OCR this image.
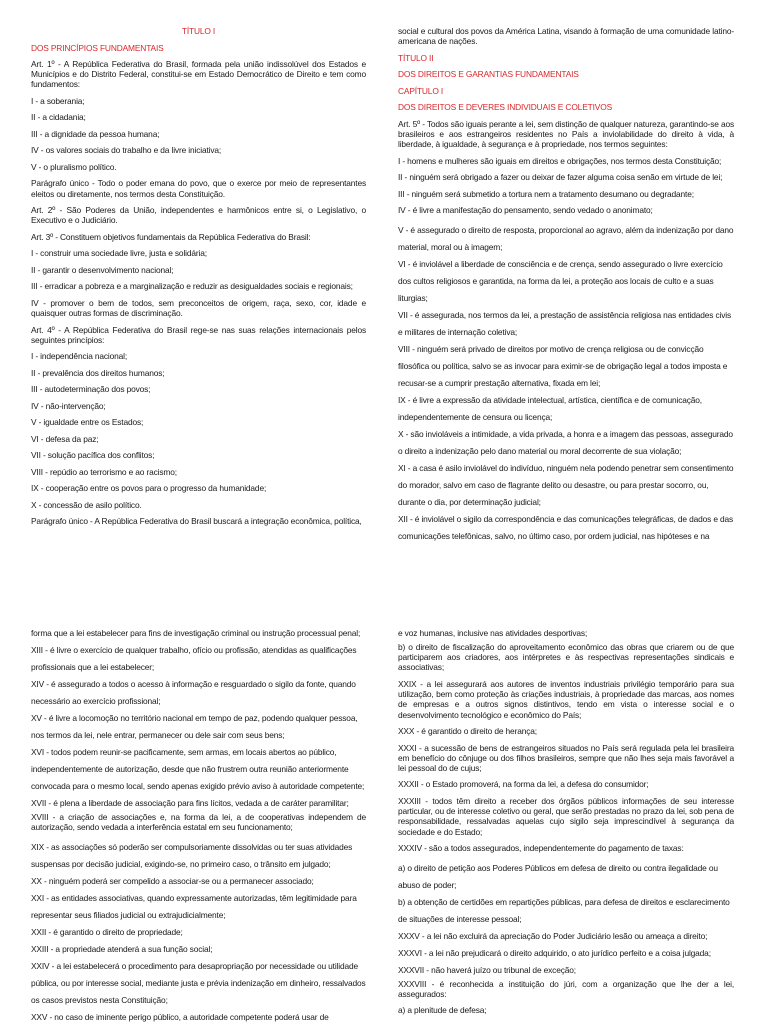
TÍTULO I

DOS PRINCÍPIOS FUNDAMENTAIS

Art. 1º - A República Federativa do Brasil, formada pela união indissolúvel dos Estados e Municípios e do Distrito Federal, constitui-se em Estado Democrático de Direito e tem como fundamentos:

I - a soberania;

II - a cidadania;

III - a dignidade da pessoa humana;

IV - os valores sociais do trabalho e da livre iniciativa;

V - o pluralismo político.

Parágrafo único - Todo o poder emana do povo, que o exerce por meio de representantes eleitos ou diretamente, nos termos desta Constituição.

Art. 2º - São Poderes da União, independentes e harmônicos entre si, o Legislativo, o Executivo e o Judiciário.

Art. 3º - Constituem objetivos fundamentais da República Federativa do Brasil:

I - construir uma sociedade livre, justa e solidária;

II - garantir o desenvolvimento nacional;

III - erradicar a pobreza e a marginalização e reduzir as desigualdades sociais e regionais;

IV - promover o bem de todos, sem preconceitos de origem, raça, sexo, cor, idade e quaisquer outras formas de discriminação.

Art. 4º - A República Federativa do Brasil rege-se nas suas relações internacionais pelos seguintes princípios:

I - independência nacional;

II - prevalência dos direitos humanos;

III - autodeterminação dos povos;

IV - não-intervenção;

V - igualdade entre os Estados;

VI - defesa da paz;

VII - solução pacífica dos conflitos;

VIII - repúdio ao terrorismo e ao racismo;

IX - cooperação entre os povos para o progresso da humanidade;

X - concessão de asilo político.

Parágrafo único - A República Federativa do Brasil buscará a integração econômica, política,

social e cultural dos povos da América Latina, visando à formação de uma comunidade latino-americana de nações.

TÍTULO II

DOS DIREITOS E GARANTIAS FUNDAMENTAIS

CAPÍTULO I

DOS DIREITOS E DEVERES INDIVIDUAIS E COLETIVOS

Art. 5º - Todos são iguais perante a lei, sem distinção de qualquer natureza, garantindo-se aos brasileiros e aos estrangeiros residentes no País a inviolabilidade do direito à vida, à liberdade, à igualdade, à segurança e à propriedade, nos termos seguintes:

I - homens e mulheres são iguais em direitos e obrigações, nos termos desta Constituição;

II - ninguém será obrigado a fazer ou deixar de fazer alguma coisa senão em virtude de lei;

III - ninguém será submetido a tortura nem a tratamento desumano ou degradante;

IV - é livre a manifestação do pensamento, sendo vedado o anonimato;

V - é assegurado o direito de resposta, proporcional ao agravo, além da indenização por dano material, moral ou à imagem;

VI - é inviolável a liberdade de consciência e de crença, sendo assegurado o livre exercício dos cultos religiosos e garantida, na forma da lei, a proteção aos locais de culto e a suas liturgias;

VII - é assegurada, nos termos da lei, a prestação de assistência religiosa nas entidades civis e militares de internação coletiva;

VIII - ninguém será privado de direitos por motivo de crença religiosa ou de convicção filosófica ou política, salvo se as invocar para eximir-se de obrigação legal a todos imposta e recusar-se a cumprir prestação alternativa, fixada em lei;

IX - é livre a expressão da atividade intelectual, artística, científica e de comunicação, independentemente de censura ou licença;

X - são invioláveis a intimidade, a vida privada, a honra e a imagem das pessoas, assegurado o direito a indenização pelo dano material ou moral decorrente de sua violação;

XI - a casa é asilo inviolável do indivíduo, ninguém nela podendo penetrar sem consentimento do morador, salvo em caso de flagrante delito ou desastre, ou para prestar socorro, ou, durante o dia, por determinação judicial;

XII - é inviolável o sigilo da correspondência e das comunicações telegráficas, de dados e das comunicações telefônicas, salvo, no último caso, por ordem judicial, nas hipóteses e na

forma que a lei estabelecer para fins de investigação criminal ou instrução processual penal;

XIII - é livre o exercício de qualquer trabalho, ofício ou profissão, atendidas as qualificações profissionais que a lei estabelecer;

XIV - é assegurado a todos o acesso à informação e resguardado o sigilo da fonte, quando necessário ao exercício profissional;

XV - é livre a locomoção no território nacional em tempo de paz, podendo qualquer pessoa, nos termos da lei, nele entrar, permanecer ou dele sair com seus bens;

XVI - todos podem reunir-se pacificamente, sem armas, em locais abertos ao público, independentemente de autorização, desde que não frustrem outra reunião anteriormente convocada para o mesmo local, sendo apenas exigido prévio aviso à autoridade competente;

XVII - é plena a liberdade de associação para fins lícitos, vedada a de caráter paramilitar;

XVIII - a criação de associações e, na forma da lei, a de cooperativas independem de autorização, sendo vedada a interferência estatal em seu funcionamento;

XIX - as associações só poderão ser compulsoriamente dissolvidas ou ter suas atividades suspensas por decisão judicial, exigindo-se, no primeiro caso, o trânsito em julgado;

XX - ninguém poderá ser compelido a associar-se ou a permanecer associado;

XXI - as entidades associativas, quando expressamente autorizadas, têm legitimidade para representar seus filiados judicial ou extrajudicialmente;

XXII - é garantido o direito de propriedade;

XXIII - a propriedade atenderá a sua função social;

XXIV - a lei estabelecerá o procedimento para desapropriação por necessidade ou utilidade pública, ou por interesse social, mediante justa e prévia indenização em dinheiro, ressalvados os casos previstos nesta Constituição;

XXV - no caso de iminente perigo público, a autoridade competente poderá usar de

e voz humanas, inclusive nas atividades desportivas;

b) o direito de fiscalização do aproveitamento econômico das obras que criarem ou de que participarem aos criadores, aos intérpretes e às respectivas representações sindicais e associativas;

XXIX - a lei assegurará aos autores de inventos industriais privilégio temporário para sua utilização, bem como proteção às criações industriais, à propriedade das marcas, aos nomes de empresas e a outros signos distintivos, tendo em vista o interesse social e o desenvolvimento tecnológico e econômico do País;

XXX - é garantido o direito de herança;

XXXI - a sucessão de bens de estrangeiros situados no País será regulada pela lei brasileira em benefício do cônjuge ou dos filhos brasileiros, sempre que não lhes seja mais favorável a lei pessoal do de cujus;

XXXII - o Estado promoverá, na forma da lei, a defesa do consumidor;

XXXIII - todos têm direito a receber dos órgãos públicos informações de seu interesse particular, ou de interesse coletivo ou geral, que serão prestadas no prazo da lei, sob pena de responsabilidade, ressalvadas aquelas cujo sigilo seja imprescindível à segurança da sociedade e do Estado;

XXXIV - são a todos assegurados, independentemente do pagamento de taxas:

a) o direito de petição aos Poderes Públicos em defesa de direito ou contra ilegalidade ou abuso de poder;

b) a obtenção de certidões em repartições públicas, para defesa de direitos e esclarecimento de situações de interesse pessoal;

XXXV - a lei não excluirá da apreciação do Poder Judiciário lesão ou ameaça a direito;

XXXVI - a lei não prejudicará o direito adquirido, o ato jurídico perfeito e a coisa julgada;

XXXVII - não haverá juízo ou tribunal de exceção;

XXXVIII - é reconhecida a instituição do júri, com a organização que lhe der a lei, assegurados:

a) a plenitude de defesa;
